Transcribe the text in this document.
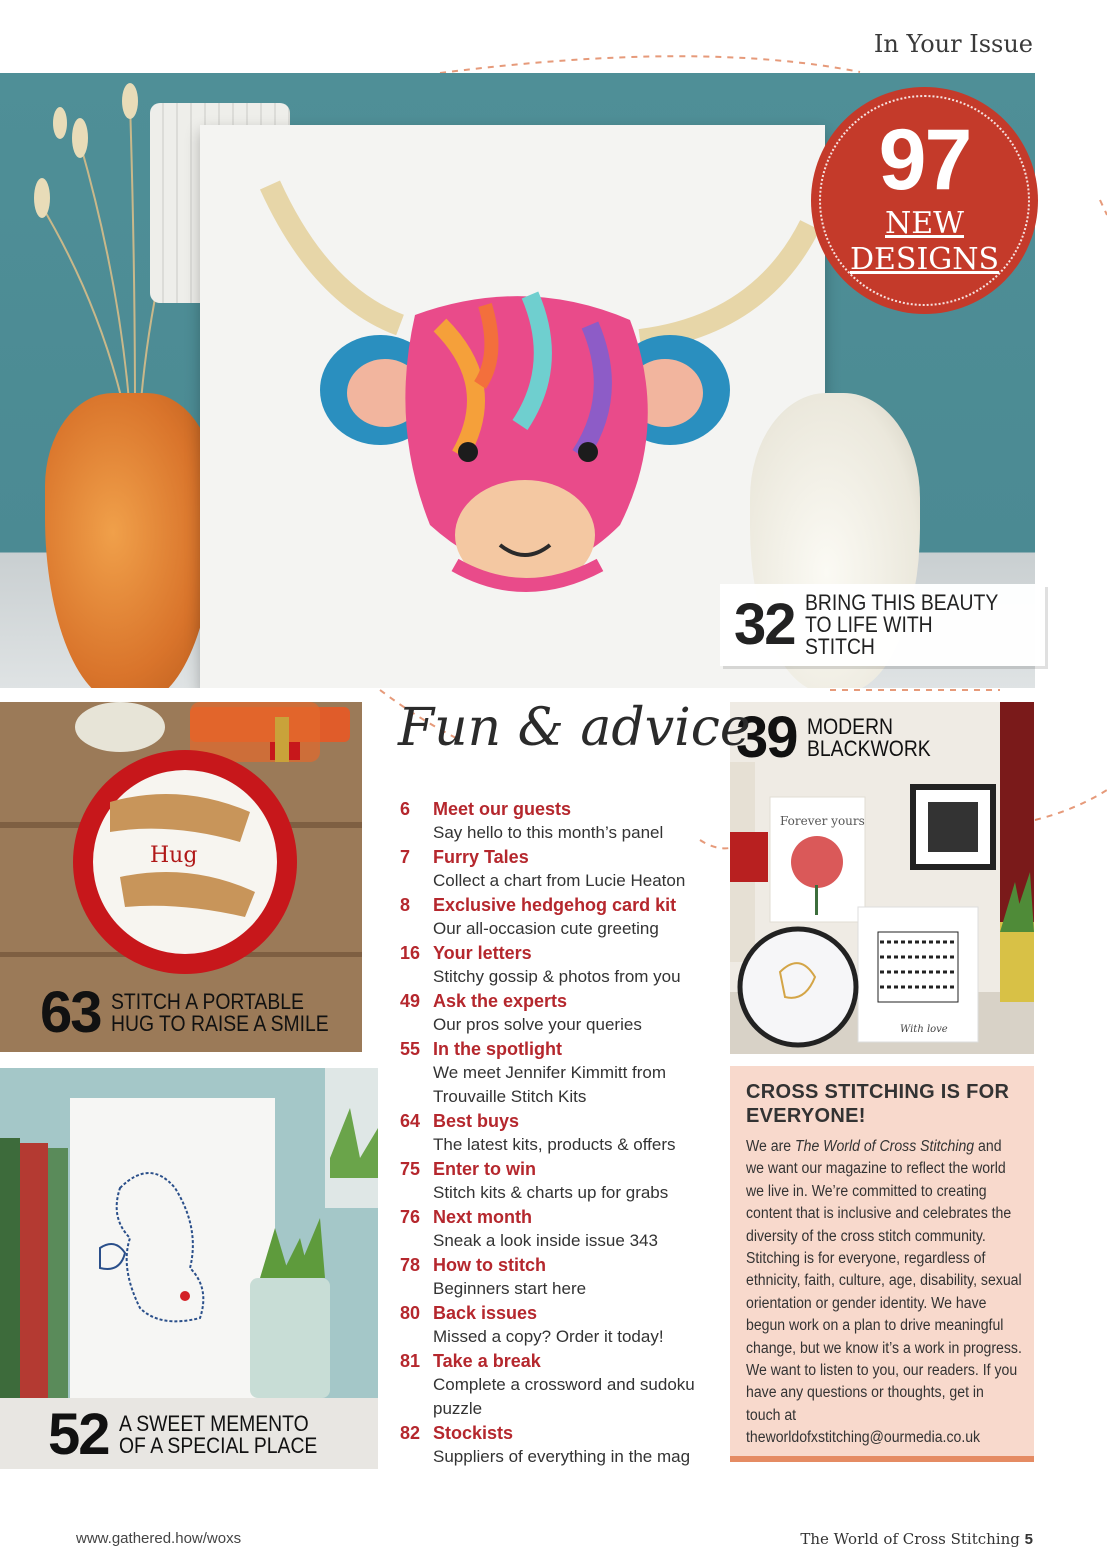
In Your Issue
97
NEW
DESIGNS
32 BRING THIS BEAUTY TO LIFE WITH STITCH
Hug
63 STITCH A PORTABLE HUG TO RAISE A SMILE
52 A SWEET MEMENTO OF A SPECIAL PLACE
Forever yours
With love
39 MODERN BLACKWORK
Fun & advice
6	Meet our guests
Say hello to this month’s panel
7	Furry Tales
Collect a chart from Lucie Heaton
8	Exclusive hedgehog card kit
Our all-occasion cute greeting
16 Your letters
Stitchy gossip & photos from you
49 Ask the experts
Our pros solve your queries
55 In the spotlight
We meet Jennifer Kimmitt from Trouvaille Stitch Kits
64 Best buys
The latest kits, products & offers
75 Enter to win
Stitch kits & charts up for grabs
76 Next month
Sneak a look inside issue 343
78 How to stitch
Beginners start here
80 Back issues
Missed a copy? Order it today!
81 Take a break
Complete a crossword and sudoku puzzle
82 Stockists
Suppliers of everything in the mag
CROSS STITCHING IS FOR EVERYONE!
We are The World of Cross Stitching and we want our magazine to reflect the world we live in. We’re committed to creating content that is inclusive and celebrates the diversity of the cross stitch community. Stitching is for everyone, regardless of ethnicity, faith, culture, age, disability, sexual orientation or gender identity. We have begun work on a plan to drive meaningful change, but we know it’s a work in progress. We want to listen to you, our readers. If you have any questions or thoughts, get in touch at theworldofxstitching@ourmedia.co.uk
www.gathered.how/woxs	The World of Cross Stitching 5
